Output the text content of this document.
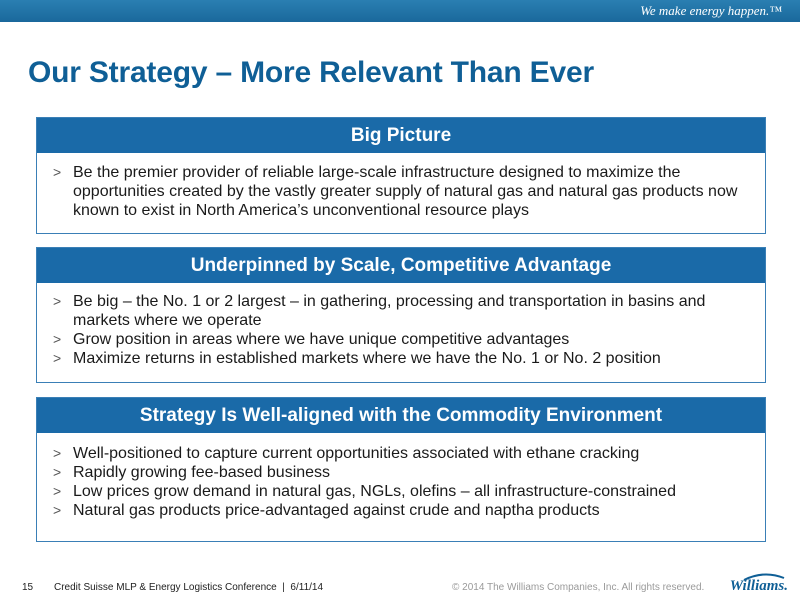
We make energy happen.™
Our Strategy – More Relevant Than Ever
Big Picture
> Be the premier provider of reliable large-scale infrastructure designed to maximize the opportunities created by the vastly greater supply of natural gas and natural gas products now known to exist in North America’s unconventional resource plays
Underpinned by Scale, Competitive Advantage
> Be big – the No. 1 or 2 largest – in gathering, processing and transportation in basins and markets where we operate
> Grow position in areas where we have unique competitive advantages
> Maximize returns in established markets where we have the No. 1 or No. 2 position
Strategy Is Well-aligned with the Commodity Environment
> Well-positioned to capture current opportunities associated with ethane cracking
> Rapidly growing fee-based business
> Low prices grow demand in natural gas, NGLs, olefins – all infrastructure-constrained
> Natural gas products price-advantaged against crude and naptha products
15 Credit Suisse MLP & Energy Logistics Conference  |  6/11/14	© 2014 The Williams Companies, Inc. All rights reserved. Williams.
